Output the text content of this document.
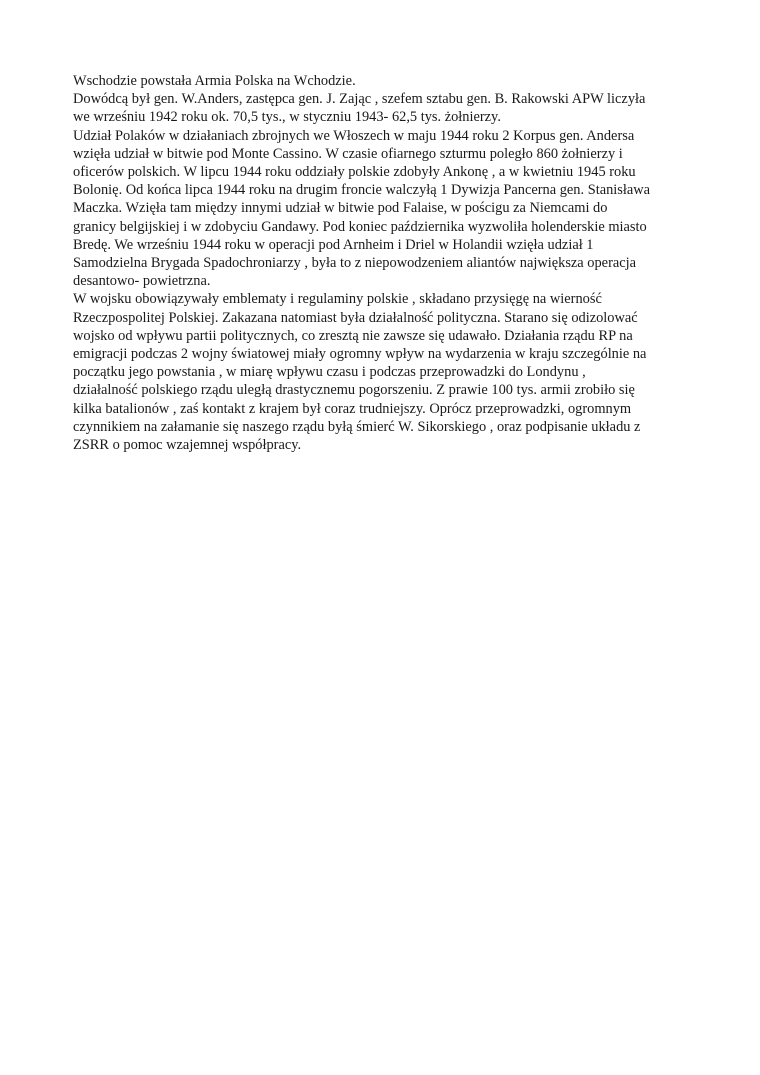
Wschodzie powstała Armia Polska na Wchodzie.
Dowódcą był gen. W.Anders, zastępca gen. J. Zając , szefem sztabu gen. B. Rakowski APW liczyła
we wrześniu 1942 roku ok. 70,5 tys., w styczniu 1943- 62,5 tys. żołnierzy.
Udział Polaków w działaniach zbrojnych we Włoszech w maju 1944 roku 2 Korpus gen. Andersa
wzięła udział w bitwie pod Monte Cassino. W czasie ofiarnego szturmu poległo 860 żołnierzy i
oficerów polskich. W lipcu 1944 roku oddziały polskie zdobyły Ankonę , a w kwietniu 1945 roku
Bolonię. Od końca lipca 1944 roku na drugim froncie walczyłą 1 Dywizja Pancerna gen. Stanisława
Maczka. Wzięła tam między innymi udział w bitwie pod Falaise, w pościgu za Niemcami do
granicy belgijskiej i w zdobyciu Gandawy. Pod koniec października wyzwoliła holenderskie miasto
Bredę. We wrześniu 1944 roku w operacji pod Arnheim i Driel w Holandii wzięła udział 1
Samodzielna Brygada Spadochroniarzy , była to z niepowodzeniem aliantów największa operacja
desantowo- powietrzna.
W wojsku obowiązywały emblematy i regulaminy polskie , składano przysięgę na wierność
Rzeczpospolitej Polskiej. Zakazana natomiast była działalność polityczna. Starano się odizolować
wojsko od wpływu partii politycznych, co zresztą nie zawsze się udawało. Działania rządu RP na
emigracji podczas 2 wojny światowej miały ogromny wpływ na wydarzenia w kraju szczególnie na
początku jego powstania , w miarę wpływu czasu i podczas przeprowadzki do Londynu ,
działalność polskiego rządu uległą drastycznemu pogorszeniu. Z prawie 100 tys. armii zrobiło się
kilka batalionów , zaś kontakt z krajem był coraz trudniejszy. Oprócz przeprowadzki, ogromnym
czynnikiem na załamanie się naszego rządu byłą śmierć W. Sikorskiego , oraz podpisanie układu z
ZSRR o pomoc wzajemnej współpracy.
